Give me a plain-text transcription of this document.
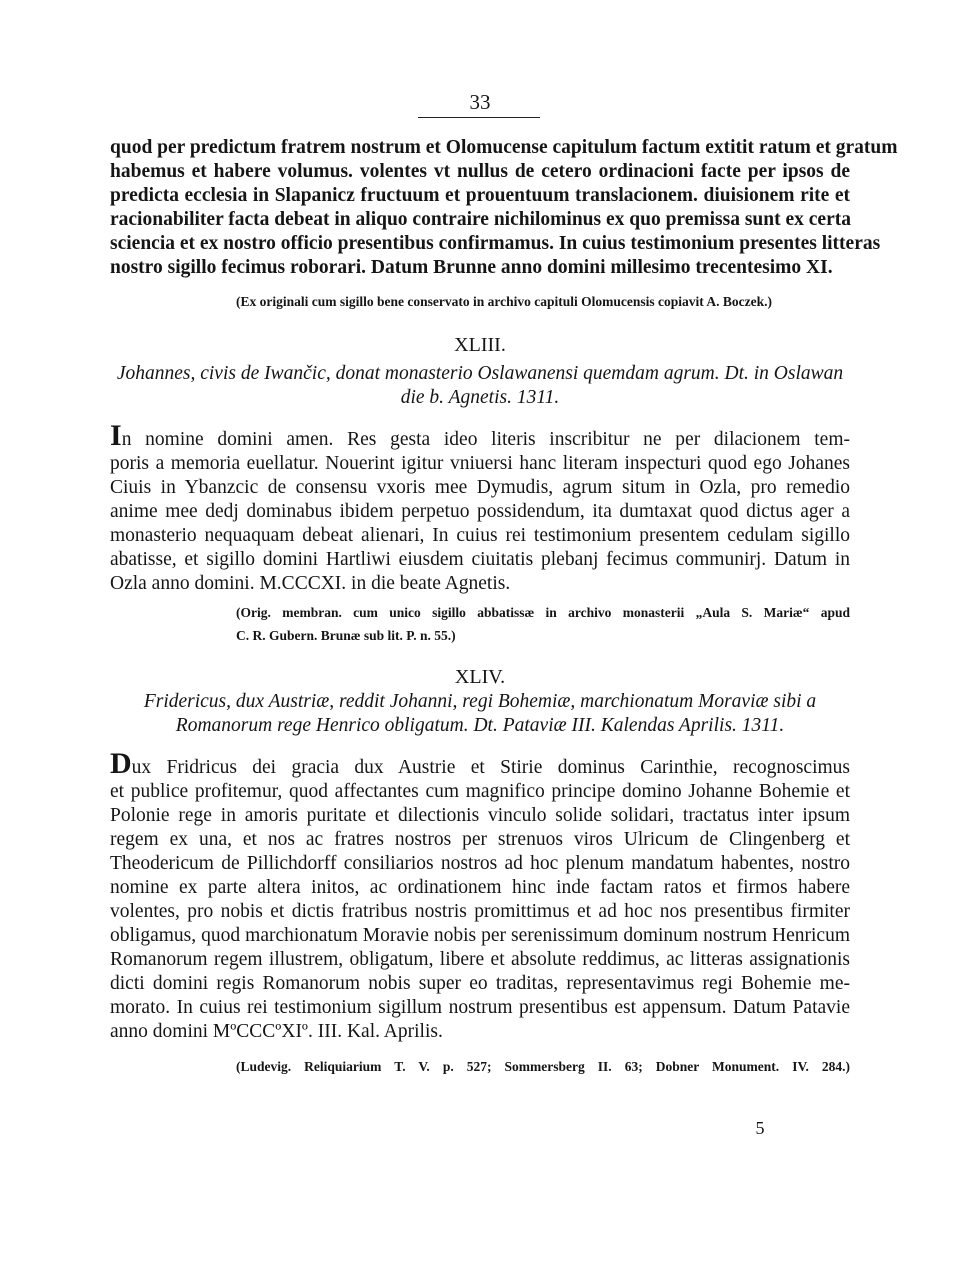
33
quod per predictum fratrem nostrum et Olomucense capitulum factum extitit ratum et gratum
habemus et habere volumus. volentes vt nullus de cetero ordinacioni facte per ipsos de
predicta ecclesia in Slapanicz fructuum et prouentuum translacionem. diuisionem rite et
racionabiliter facta debeat in aliquo contraire nichilominus ex quo premissa sunt ex certa
sciencia et ex nostro officio presentibus confirmamus. In cuius testimonium presentes litteras
nostro sigillo fecimus roborari. Datum Brunne anno domini millesimo trecentesimo XI.
(Ex originali cum sigillo bene conservato in archivo capituli Olomucensis copiavit A. Boczek.)
XLIII.
Johannes, civis de Iwančic, donat monasterio Oslawanensi quemdam agrum. Dt. in Oslawan
die b. Agnetis. 1311.
In nomine domini amen. Res gesta ideo literis inscribitur ne per dilacionem tem-
poris a memoria euellatur. Nouerint igitur vniuersi hanc literam inspecturi quod ego Johanes
Ciuis in Ybanzcic de consensu vxoris mee Dymudis, agrum situm in Ozla, pro remedio
anime mee dedj dominabus ibidem perpetuo possidendum, ita dumtaxat quod dictus ager a
monasterio nequaquam debeat alienari, In cuius rei testimonium presentem cedulam sigillo
abatisse, et sigillo domini Hartliwi eiusdem ciuitatis plebanj fecimus communirj. Datum in
Ozla anno domini. M.CCCXI. in die beate Agnetis.
(Orig. membran. cum unico sigillo abbatissæ in archivo monasterii „Aula S. Mariæ“ apud
C. R. Gubern. Brunæ sub lit. P. n. 55.)
XLIV.
Fridericus, dux Austriæ, reddit Johanni, regi Bohemiæ, marchionatum Moraviæ sibi a
Romanorum rege Henrico obligatum. Dt. Pataviæ III. Kalendas Aprilis. 1311.
Dux Fridricus dei gracia dux Austrie et Stirie dominus Carinthie, recognoscimus
et publice profitemur, quod affectantes cum magnifico principe domino Johanne Bohemie et
Polonie rege in amoris puritate et dilectionis vinculo solide solidari, tractatus inter ipsum
regem ex una, et nos ac fratres nostros per strenuos viros Ulricum de Clingenberg et
Theodericum de Pillichdorff consiliarios nostros ad hoc plenum mandatum habentes, nostro
nomine ex parte altera initos, ac ordinationem hinc inde factam ratos et firmos habere
volentes, pro nobis et dictis fratribus nostris promittimus et ad hoc nos presentibus firmiter
obligamus, quod marchionatum Moravie nobis per serenissimum dominum nostrum Henricum
Romanorum regem illustrem, obligatum, libere et absolute reddimus, ac litteras assignationis
dicti domini regis Romanorum nobis super eo traditas, representavimus regi Bohemie me-
morato. In cuius rei testimonium sigillum nostrum presentibus est appensum. Datum Patavie
anno domini MºCCCºXIº. III. Kal. Aprilis.
(Ludevig. Reliquiarium T. V. p. 527; Sommersberg II. 63; Dobner Monument. IV. 284.)
5
